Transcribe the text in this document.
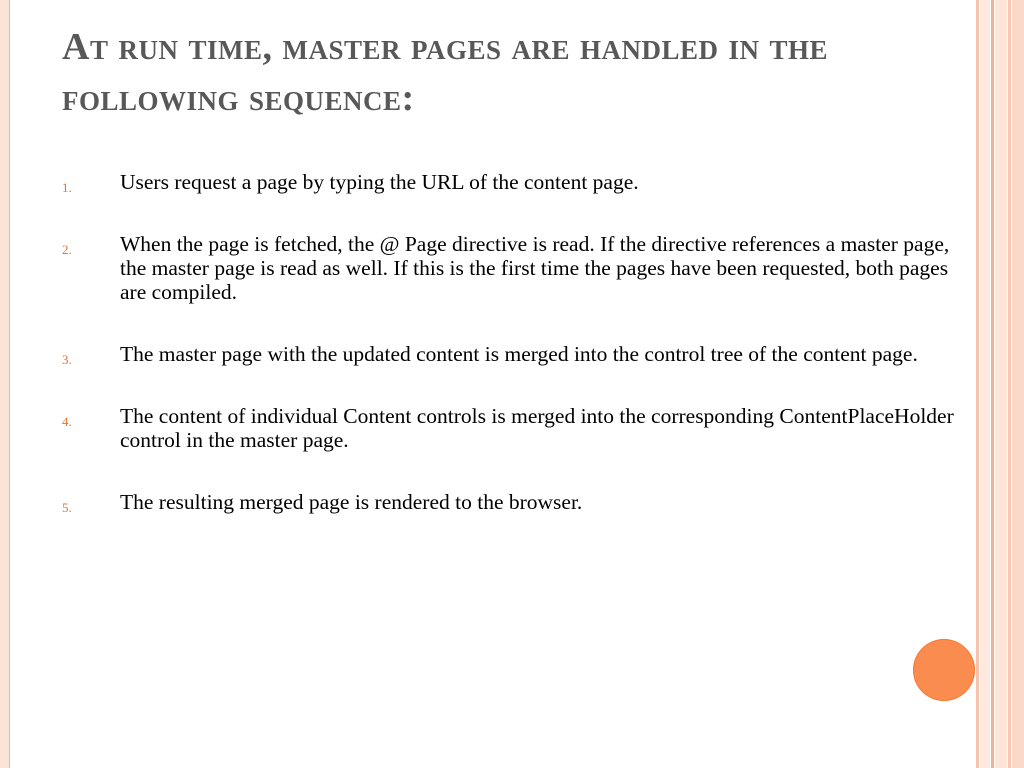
At run time, master pages are handled in the following sequence:
1. Users request a page by typing the URL of the content page.
2. When the page is fetched, the @ Page directive is read. If the directive references a master page, the master page is read as well. If this is the first time the pages have been requested, both pages are compiled.
3. The master page with the updated content is merged into the control tree of the content page.
4. The content of individual Content controls is merged into the corresponding ContentPlaceHolder control in the master page.
5. The resulting merged page is rendered to the browser.
